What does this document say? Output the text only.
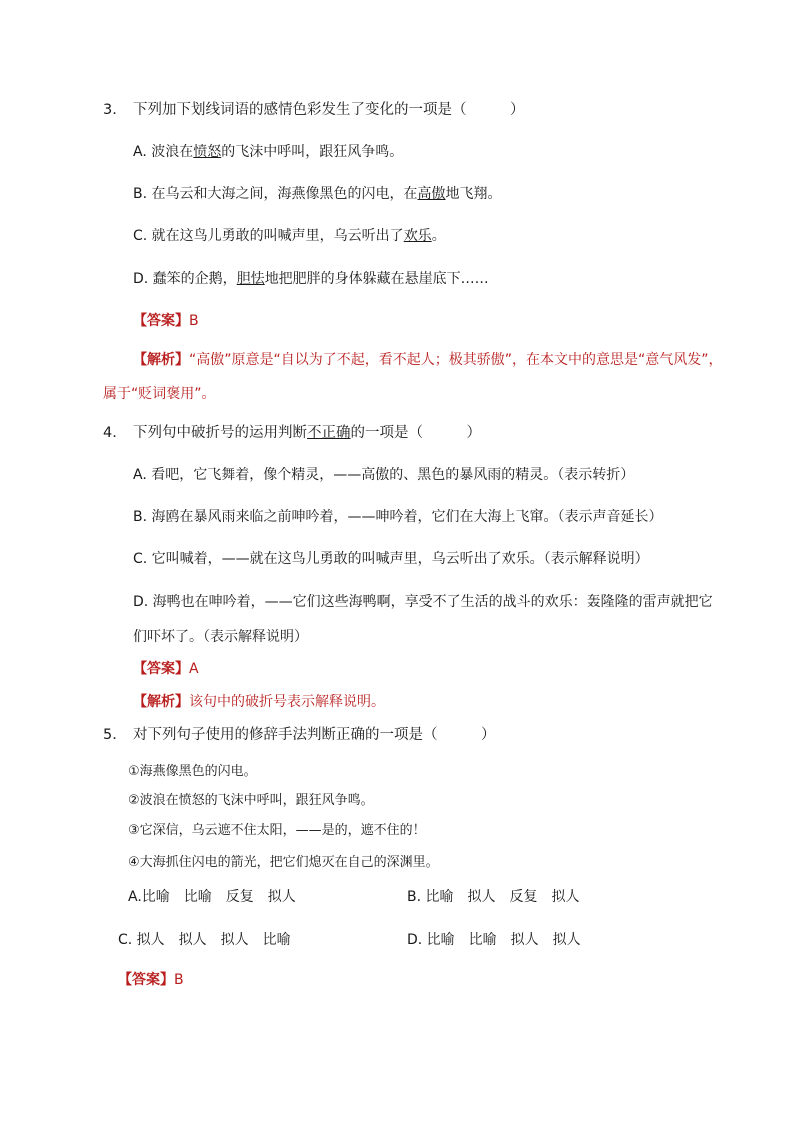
3. 下列加下划线词语的感情色彩发生了变化的一项是（　　　）
A. 波浪在愤怒的飞沫中呼叫，跟狂风争鸣。
B. 在乌云和大海之间，海燕像黑色的闪电，在高傲地飞翔。
C. 就在这鸟儿勇敢的叫喊声里，乌云听出了欢乐。
D. 蠢笨的企鹅，胆怯地把肥胖的身体躲藏在悬崖底下……
【答案】B
【解析】“高傲”原意是“自以为了不起，看不起人；极其骄傲”，在本文中的意思是“意气风发”，
属于“贬词褒用”。
4. 下列句中破折号的运用判断不正确的一项是（　　　）
A. 看吧，它飞舞着，像个精灵，——高傲的、黑色的暴风雨的精灵。（表示转折）
B. 海鸥在暴风雨来临之前呻吟着，——呻吟着，它们在大海上飞窜。（表示声音延长）
C. 它叫喊着，——就在这鸟儿勇敢的叫喊声里，乌云听出了欢乐。（表示解释说明）
D. 海鸭也在呻吟着，——它们这些海鸭啊，享受不了生活的战斗的欢乐：轰隆隆的雷声就把它
们吓坏了。（表示解释说明）
【答案】A
【解析】该句中的破折号表示解释说明。
5. 对下列句子使用的修辞手法判断正确的一项是（　　　）
①海燕像黑色的闪电。
②波浪在愤怒的飞沫中呼叫，跟狂风争鸣。
③它深信，乌云遮不住太阳，——是的，遮不住的！
④大海抓住闪电的箭光，把它们熄灭在自己的深渊里。
A.比喻　比喻　反复　拟人	B. 比喻　拟人　反复　拟人
C. 拟人　拟人　拟人　比喻	D. 比喻　比喻　拟人　拟人
【答案】B
